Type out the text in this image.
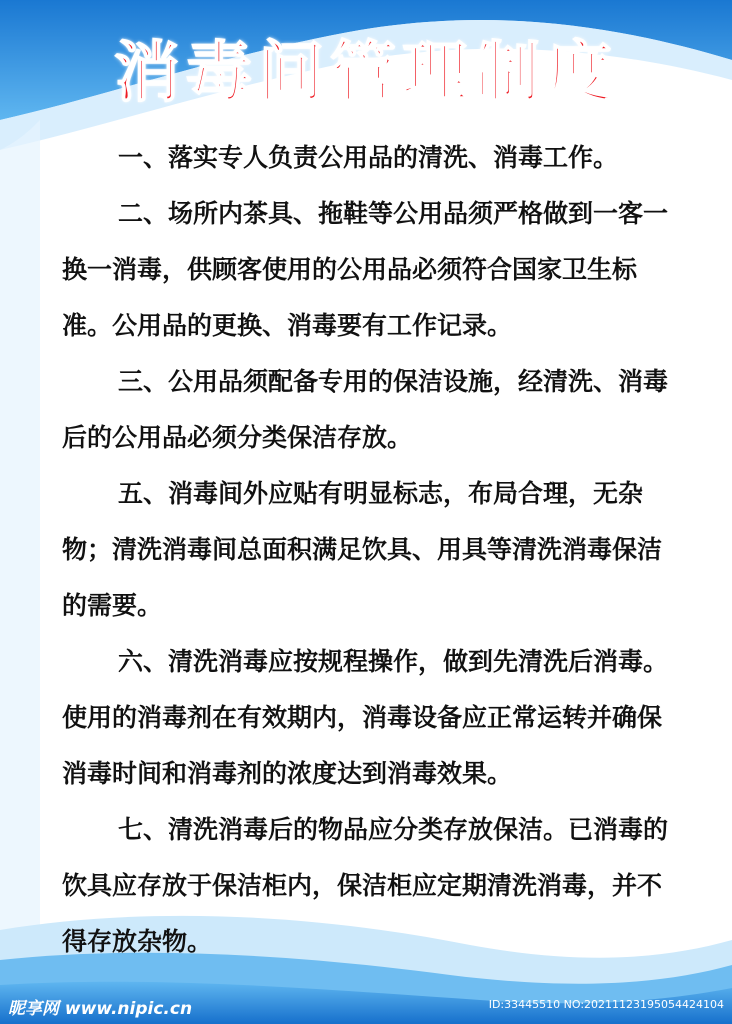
消毒间管理制度

一、落实专人负责公用品的清洗、消毒工作。

二、场所内茶具、拖鞋等公用品须严格做到一客一换一消毒，供顾客使用的公用品必须符合国家卫生标准。公用品的更换、消毒要有工作记录。

三、公用品须配备专用的保洁设施，经清洗、消毒后的公用品必须分类保洁存放。

五、消毒间外应贴有明显标志，布局合理，无杂物；清洗消毒间总面积满足饮具、用具等清洗消毒保洁的需要。

六、清洗消毒应按规程操作，做到先清洗后消毒。使用的消毒剂在有效期内，消毒设备应正常运转并确保消毒时间和消毒剂的浓度达到消毒效果。

七、清洗消毒后的物品应分类存放保洁。已消毒的饮具应存放于保洁柜内，保洁柜应定期清洗消毒，并不得存放杂物。

昵享网 www.nipic.cn	ID:33445510 NO:20211123195054424104
